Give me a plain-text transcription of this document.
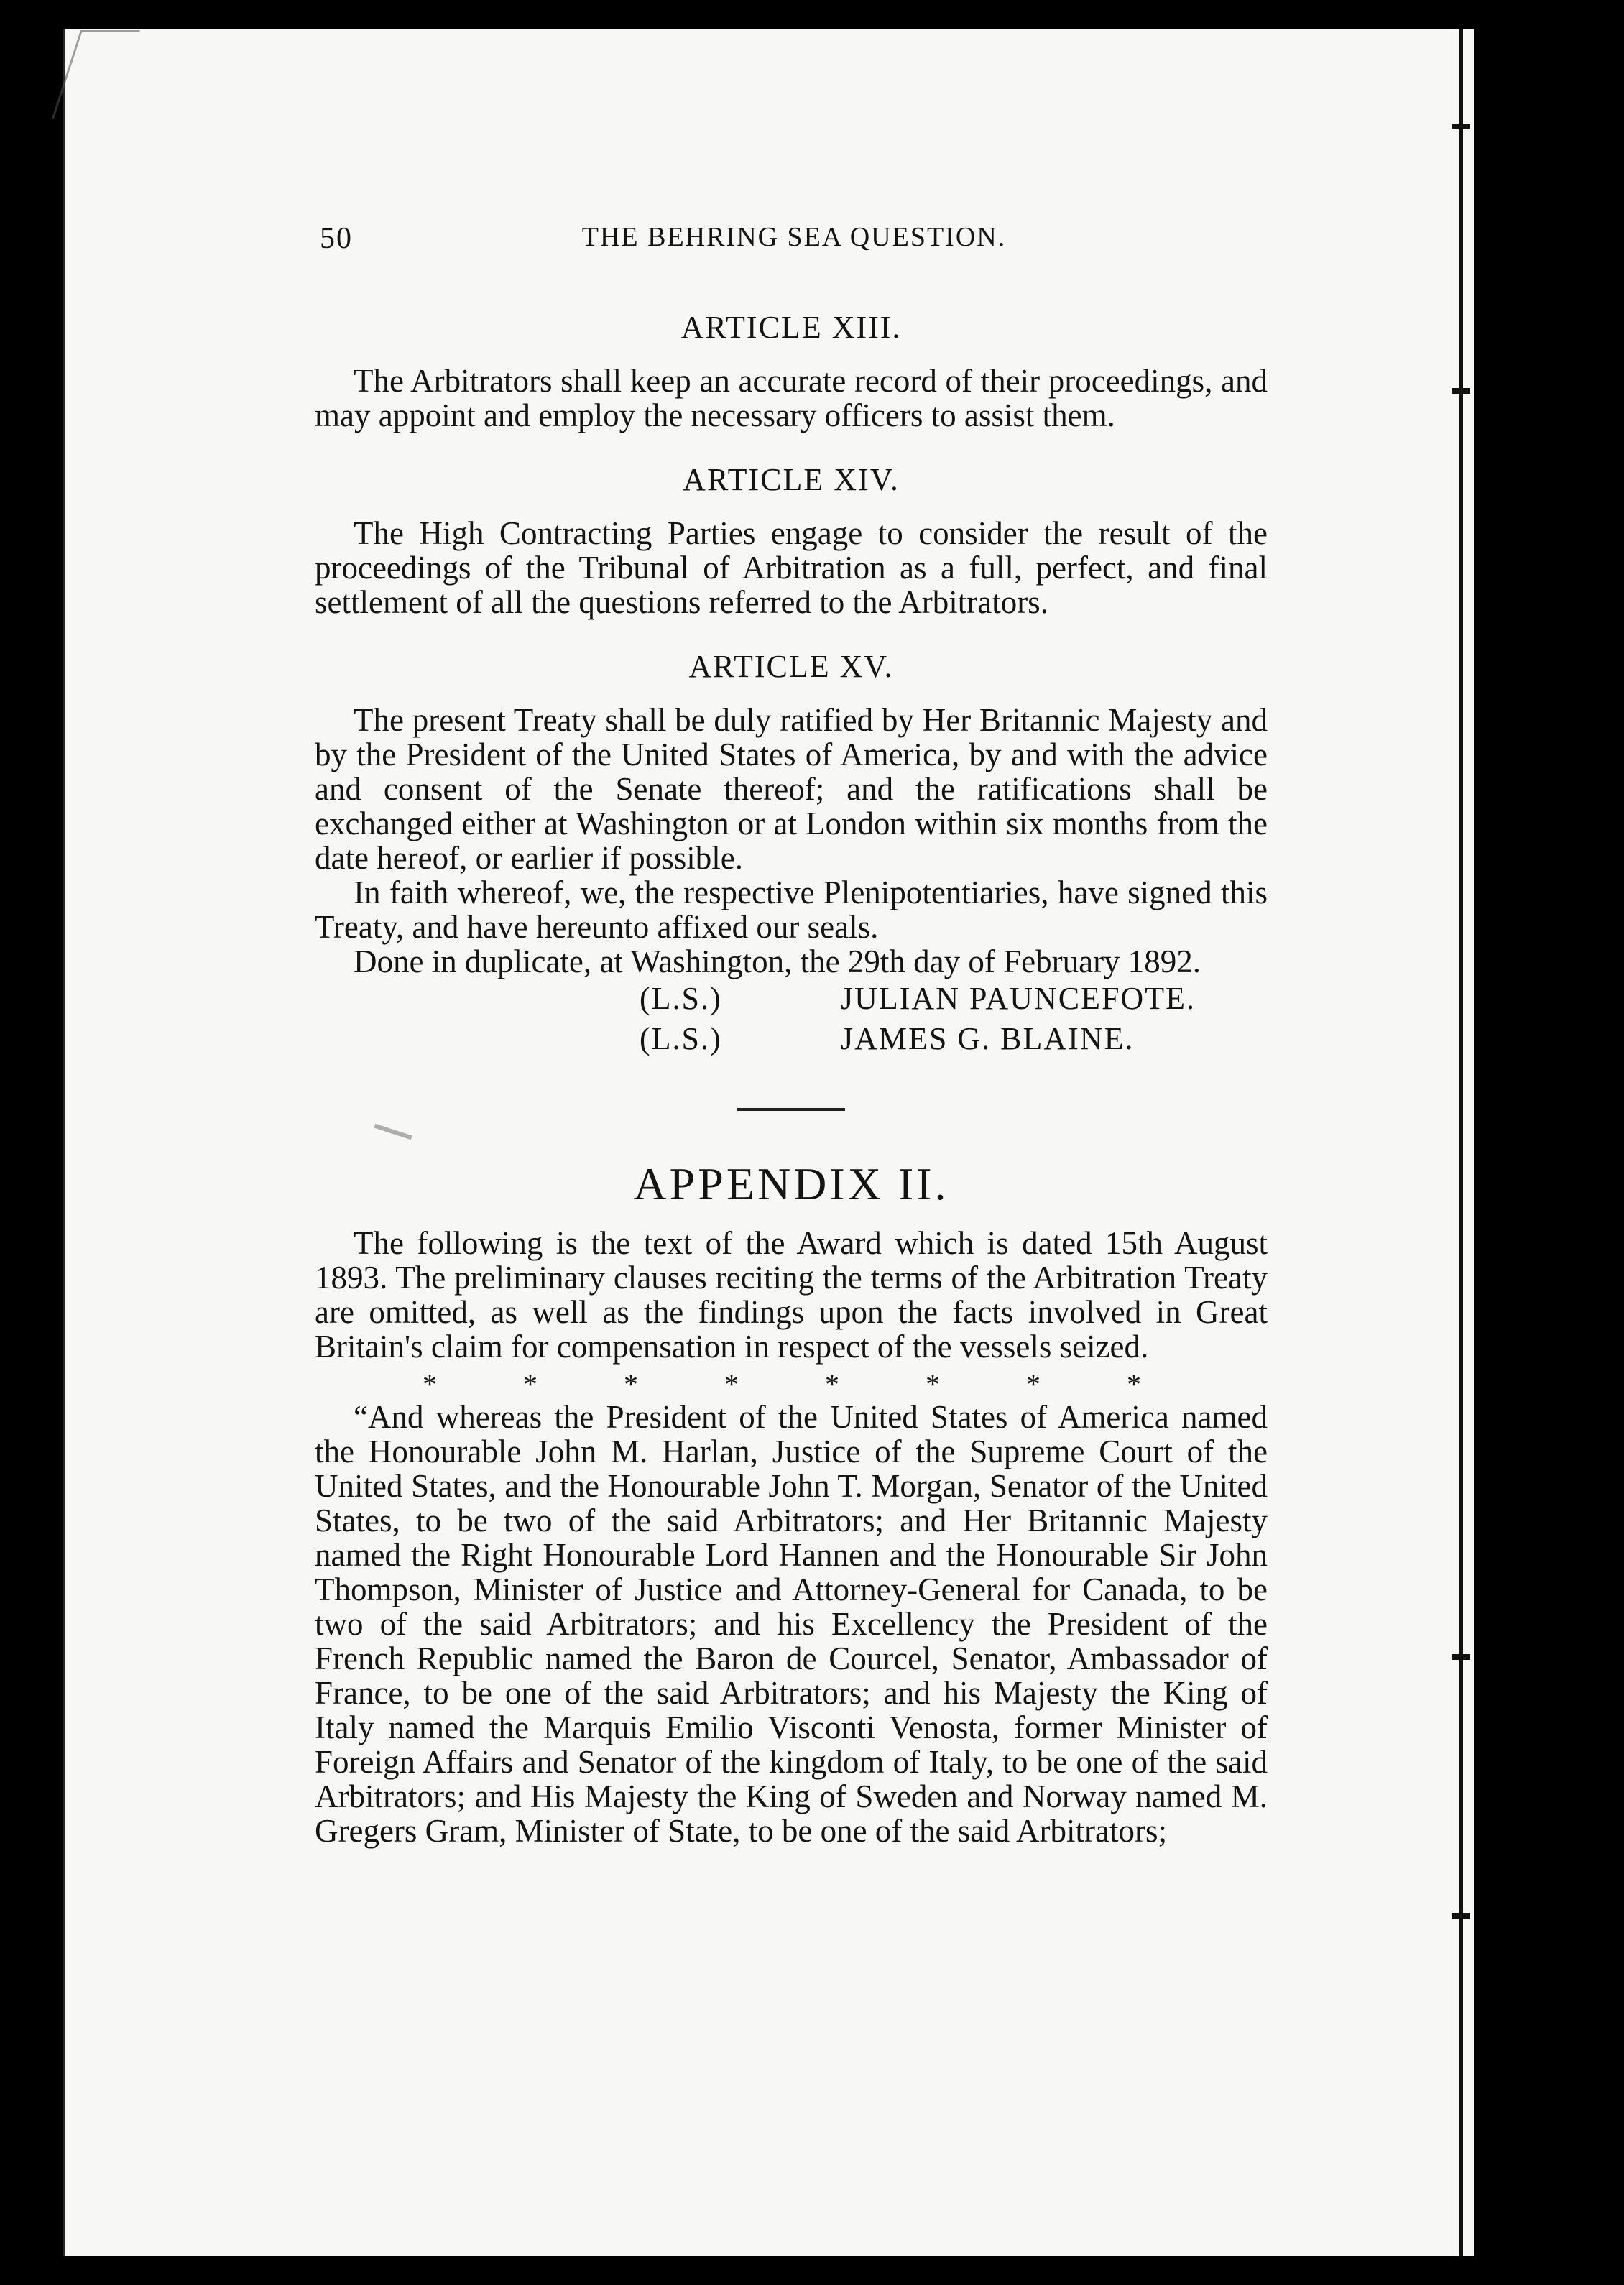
50	THE BEHRING SEA QUESTION.
ARTICLE XIII.

The Arbitrators shall keep an accurate record of their proceedings, and may appoint and employ the necessary officers to assist them.

ARTICLE XIV.

The High Contracting Parties engage to consider the result of the proceedings of the Tribunal of Arbitration as a full, perfect, and final settlement of all the questions referred to the Arbitrators.

ARTICLE XV.

The present Treaty shall be duly ratified by Her Britannic Majesty and by the President of the United States of America, by and with the advice and consent of the Senate thereof; and the ratifications shall be exchanged either at Washington or at London within six months from the date hereof, or earlier if possible.

In faith whereof, we, the respective Plenipotentiaries, have signed this Treaty, and have hereunto affixed our seals.

Done in duplicate, at Washington, the 29th day of February 1892.

(L.S.)	JULIAN PAUNCEFOTE.
(L.S.)	JAMES G. BLAINE.
APPENDIX II.

The following is the text of the Award which is dated 15th August 1893. The preliminary clauses reciting the terms of the Arbitration Treaty are omitted, as well as the findings upon the facts involved in Great Britain's claim for compensation in respect of the vessels seized.

*	*	*	*	*	*	*	*

“And whereas the President of the United States of America named the Honourable John M. Harlan, Justice of the Supreme Court of the United States, and the Honourable John T. Morgan, Senator of the United States, to be two of the said Arbitrators; and Her Britannic Majesty named the Right Honourable Lord Hannen and the Honourable Sir John Thompson, Minister of Justice and Attorney-General for Canada, to be two of the said Arbitrators; and his Excellency the President of the French Republic named the Baron de Courcel, Senator, Ambassador of France, to be one of the said Arbitrators; and his Majesty the King of Italy named the Marquis Emilio Visconti Venosta, former Minister of Foreign Affairs and Senator of the kingdom of Italy, to be one of the said Arbitrators; and His Majesty the King of Sweden and Norway named M. Gregers Gram, Minister of State, to be one of the said Arbitrators;
